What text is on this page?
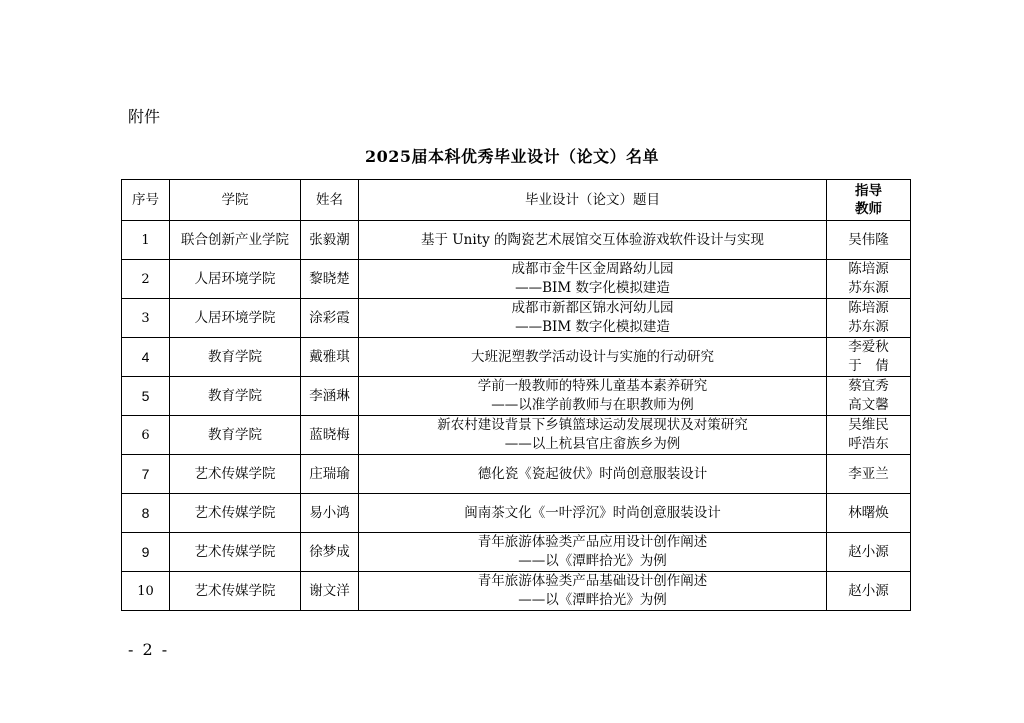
附件
2025届本科优秀毕业设计（论文）名单
序号	学院	姓名	毕业设计（论文）题目	指导
教师

1	联合创新产业学院	张毅潮	基于 Unity 的陶瓷艺术展馆交互体验游戏软件设计与实现	吴伟隆

2	人居环境学院	黎晓楚	成都市金牛区金周路幼儿园
——BIM 数字化模拟建造	陈培源
苏东源

3	人居环境学院	涂彩霞	成都市新都区锦水河幼儿园
——BIM 数字化模拟建造	陈培源
苏东源

4	教育学院	戴雅琪	大班泥塑教学活动设计与实施的行动研究	李爱秋
于　倩

5	教育学院	李涵琳	学前一般教师的特殊儿童基本素养研究
——以准学前教师与在职教师为例	蔡宜秀
高文馨

6	教育学院	蓝晓梅	新农村建设背景下乡镇篮球运动发展现状及对策研究
——以上杭县官庄畲族乡为例	吴维民
呼浩东

7	艺术传媒学院	庄瑞瑜	德化瓷《瓷起彼伏》时尚创意服装设计	李亚兰

8	艺术传媒学院	易小鸿	闽南茶文化《一叶浮沉》时尚创意服装设计	林曙焕

9	艺术传媒学院	徐梦成	青年旅游体验类产品应用设计创作阐述
——以《潭畔拾光》为例	赵小源

10	艺术传媒学院	谢文洋	青年旅游体验类产品基础设计创作阐述
——以《潭畔拾光》为例	赵小源
- 2 -
